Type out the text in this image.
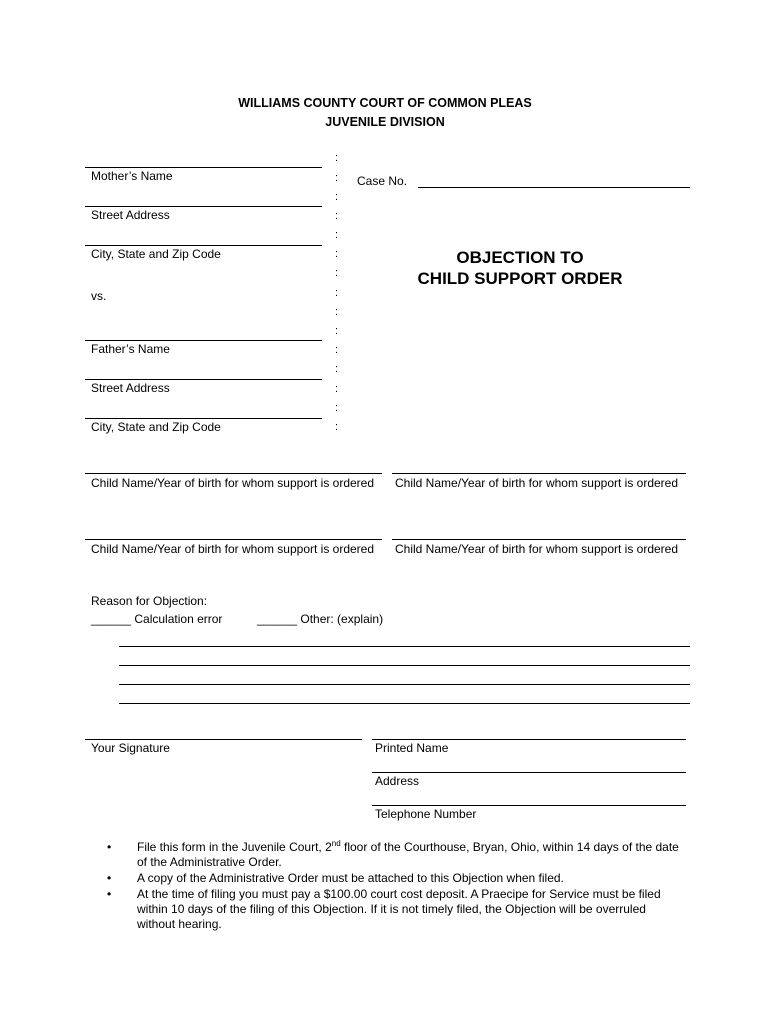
WILLIAMS COUNTY COURT OF COMMON PLEAS
JUVENILE DIVISION
Mother’s Name
Street Address
City, State and Zip Code
vs.
Father’s Name
Street Address
City, State and Zip Code
:
:
:
:
:
:
:
:
:
:
:
:
:
:
:
Case No.
OBJECTION TO
CHILD SUPPORT ORDER
Child Name/Year of birth for whom support is ordered Child Name/Year of birth for whom support is ordered
Child Name/Year of birth for whom support is ordered Child Name/Year of birth for whom support is ordered
Reason for Objection:
______ Calculation error	______ Other: (explain)
Your Signature	Printed Name
Address
Telephone Number
• File this form in the Juvenile Court, 2nd floor of the Courthouse, Bryan, Ohio, within 14 days of the date of the Administrative Order.
• A copy of the Administrative Order must be attached to this Objection when filed.
• At the time of filing you must pay a $100.00 court cost deposit. A Praecipe for Service must be filed within 10 days of the filing of this Objection. If it is not timely filed, the Objection will be overruled without hearing.
